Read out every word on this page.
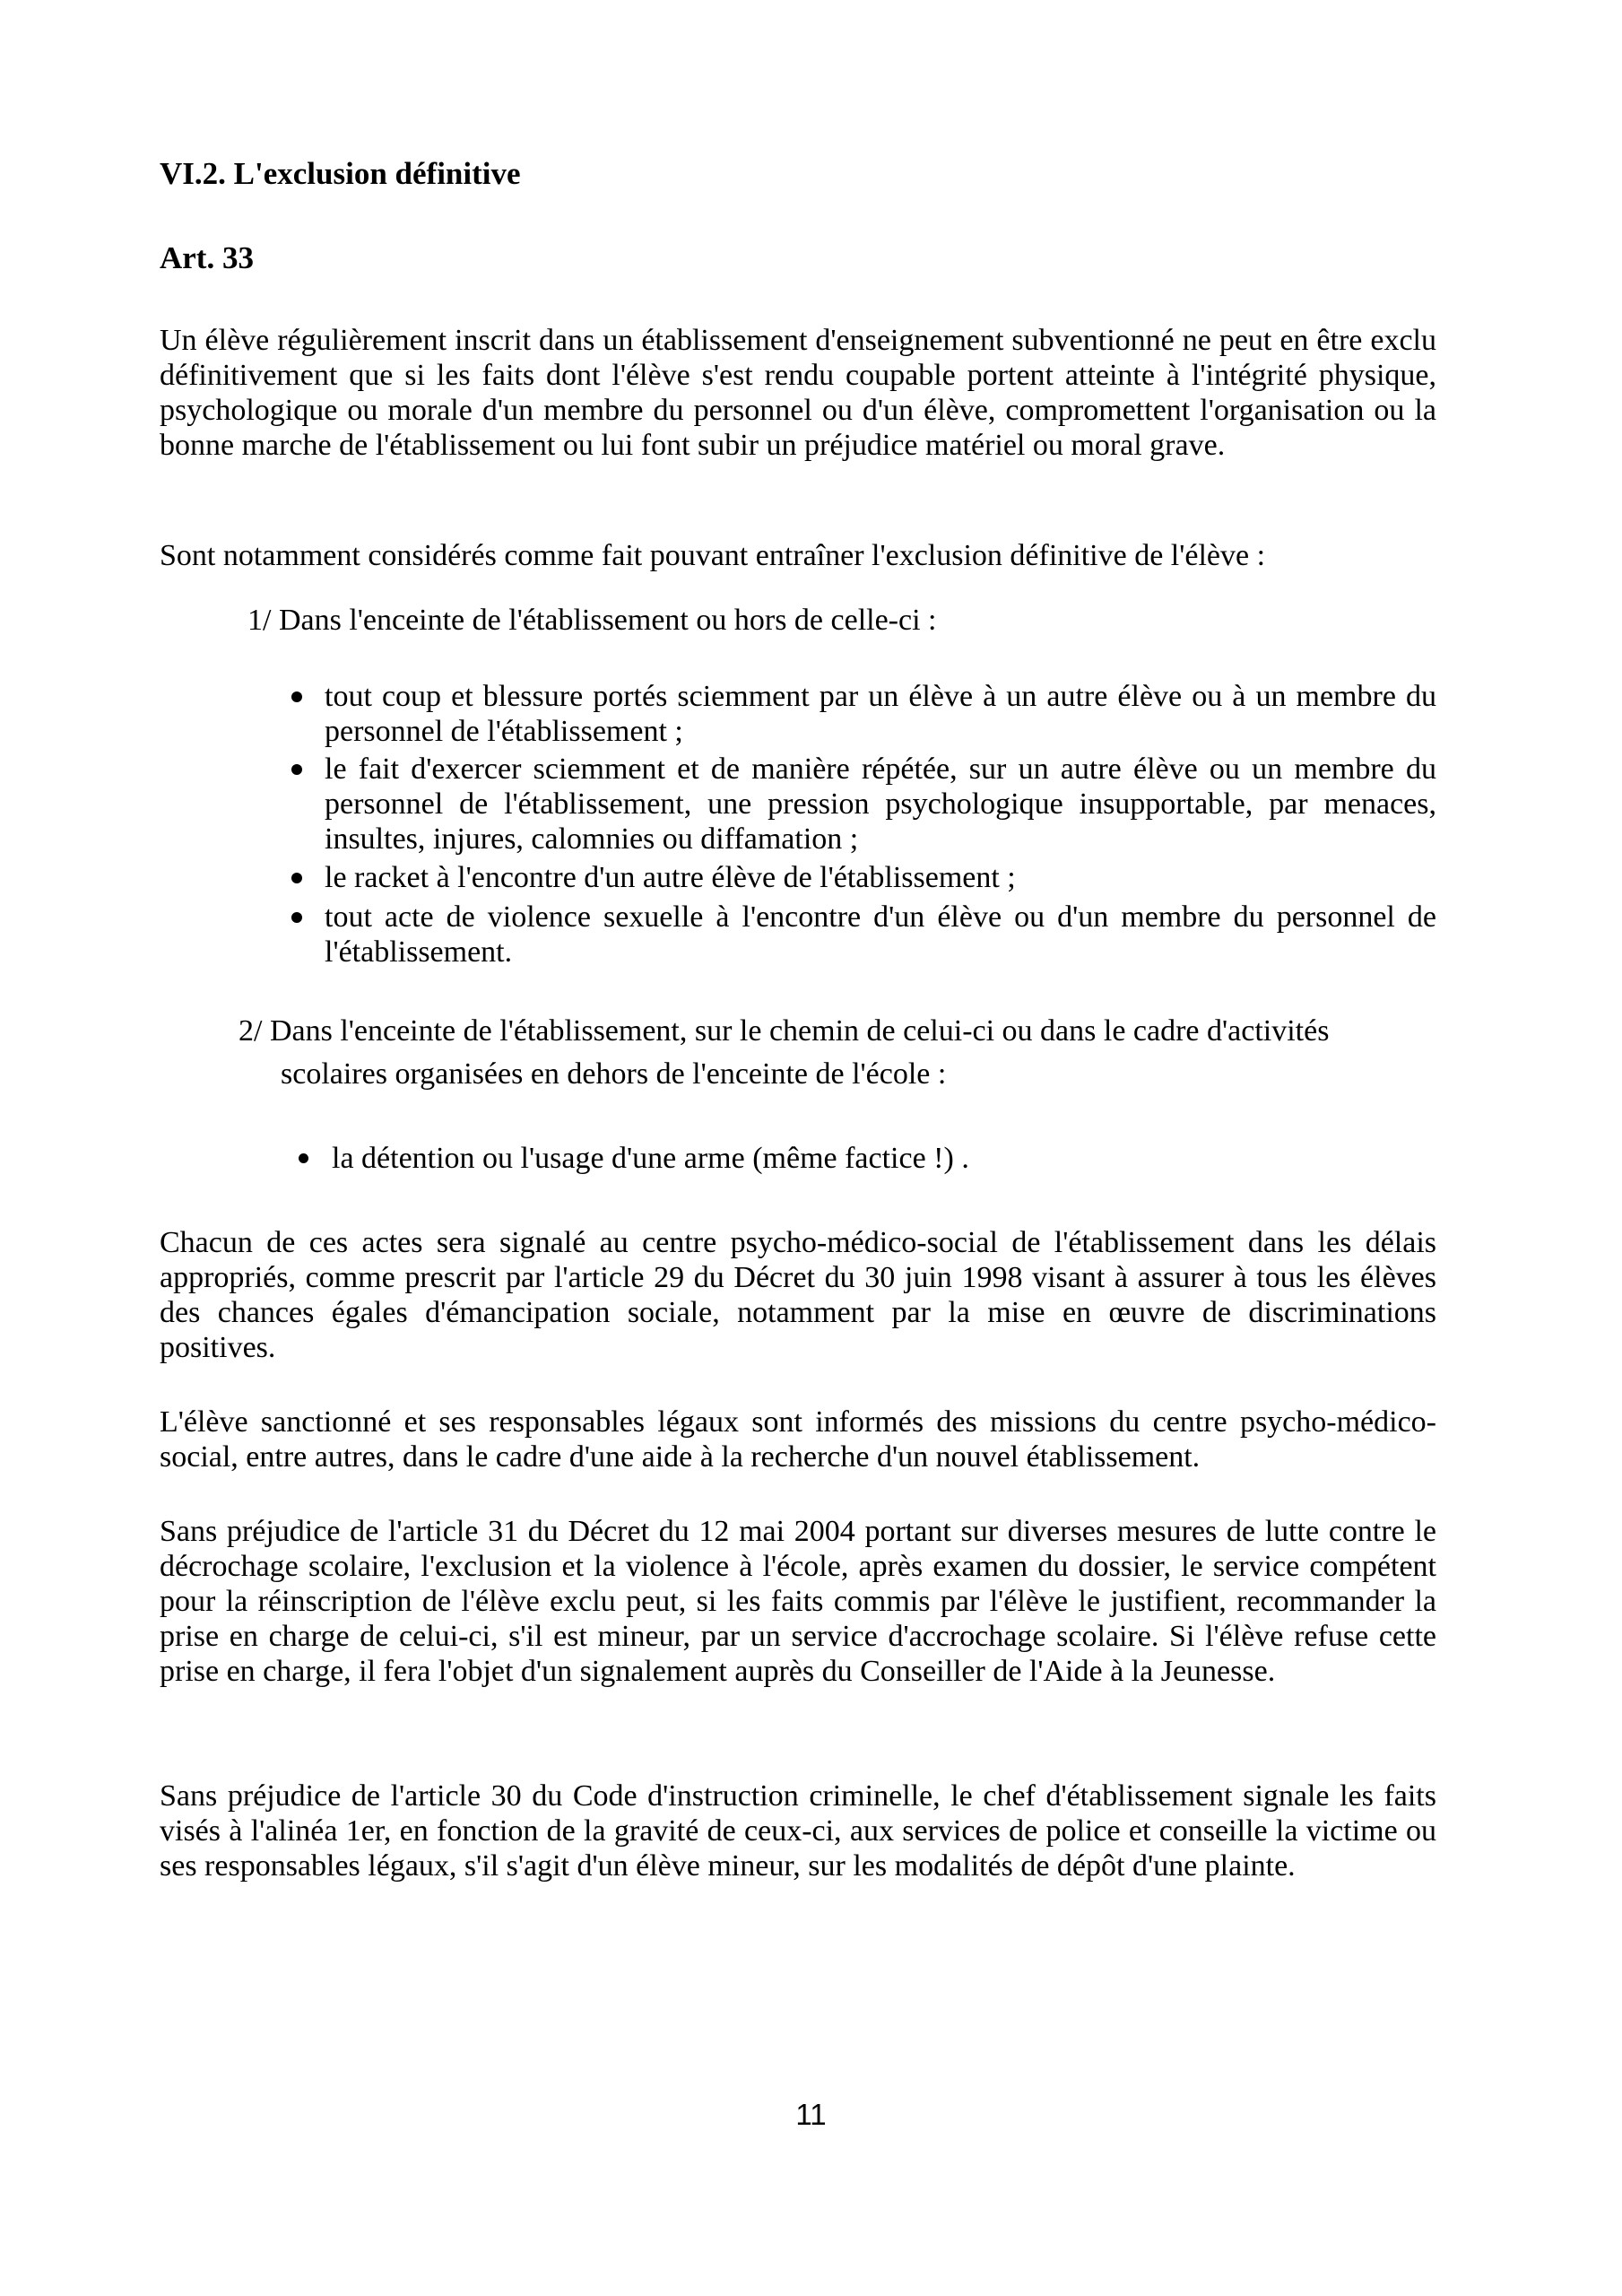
VI.2. L'exclusion définitive
Art. 33

Un élève régulièrement inscrit dans un établissement d'enseignement subventionné ne peut en être exclu définitivement que si les faits dont l'élève s'est rendu coupable portent atteinte à l'intégrité physique, psychologique ou morale d'un membre du personnel ou d'un élève, compromettent l'organisation ou la bonne marche de l'établissement ou lui font subir un préjudice matériel ou moral grave.

Sont notamment considérés comme fait pouvant entraîner l'exclusion définitive de l'élève :

1/ Dans l'enceinte de l'établissement ou hors de celle-ci :

tout coup et blessure portés sciemment par un élève à un autre élève ou à un membre du personnel de l'établissement ;
le fait d'exercer sciemment et de manière répétée, sur un autre élève ou un membre du personnel de l'établissement, une pression psychologique insupportable, par menaces, insultes, injures, calomnies ou diffamation ;
le racket à l'encontre d'un autre élève de l'établissement ;
tout acte de violence sexuelle à l'encontre d'un élève ou d'un membre du personnel de l'établissement.

2/ Dans l'enceinte de l'établissement, sur le chemin de celui-ci ou dans le cadre d'activités

scolaires organisées en dehors de l'enceinte de l'école :

la détention ou l'usage d'une arme (même factice !) .

Chacun de ces actes sera signalé au centre psycho-médico-social de l'établissement dans les délais appropriés, comme prescrit par l'article 29 du Décret du 30 juin 1998 visant à assurer à tous les élèves des chances égales d'émancipation sociale, notamment par la mise en œuvre de discriminations positives.

L'élève sanctionné et ses responsables légaux sont informés des missions du centre psycho-médico-social, entre autres, dans le cadre d'une aide à la recherche d'un nouvel établissement.

Sans préjudice de l'article 31 du Décret du 12 mai 2004 portant sur diverses mesures de lutte contre le décrochage scolaire, l'exclusion et la violence à l'école, après examen du dossier, le service compétent pour la réinscription de l'élève exclu peut, si les faits commis par l'élève le justifient, recommander la prise en charge de celui-ci, s'il est mineur, par un service d'accrochage scolaire. Si l'élève refuse cette prise en charge, il fera l'objet d'un signalement auprès du Conseiller de l'Aide à la Jeunesse.

Sans préjudice de l'article 30 du Code d'instruction criminelle, le chef d'établissement signale les faits visés à l'alinéa 1er, en fonction de la gravité de ceux-ci, aux services de police et conseille la victime ou ses responsables légaux, s'il s'agit d'un élève mineur, sur les modalités de dépôt d'une plainte.

11
